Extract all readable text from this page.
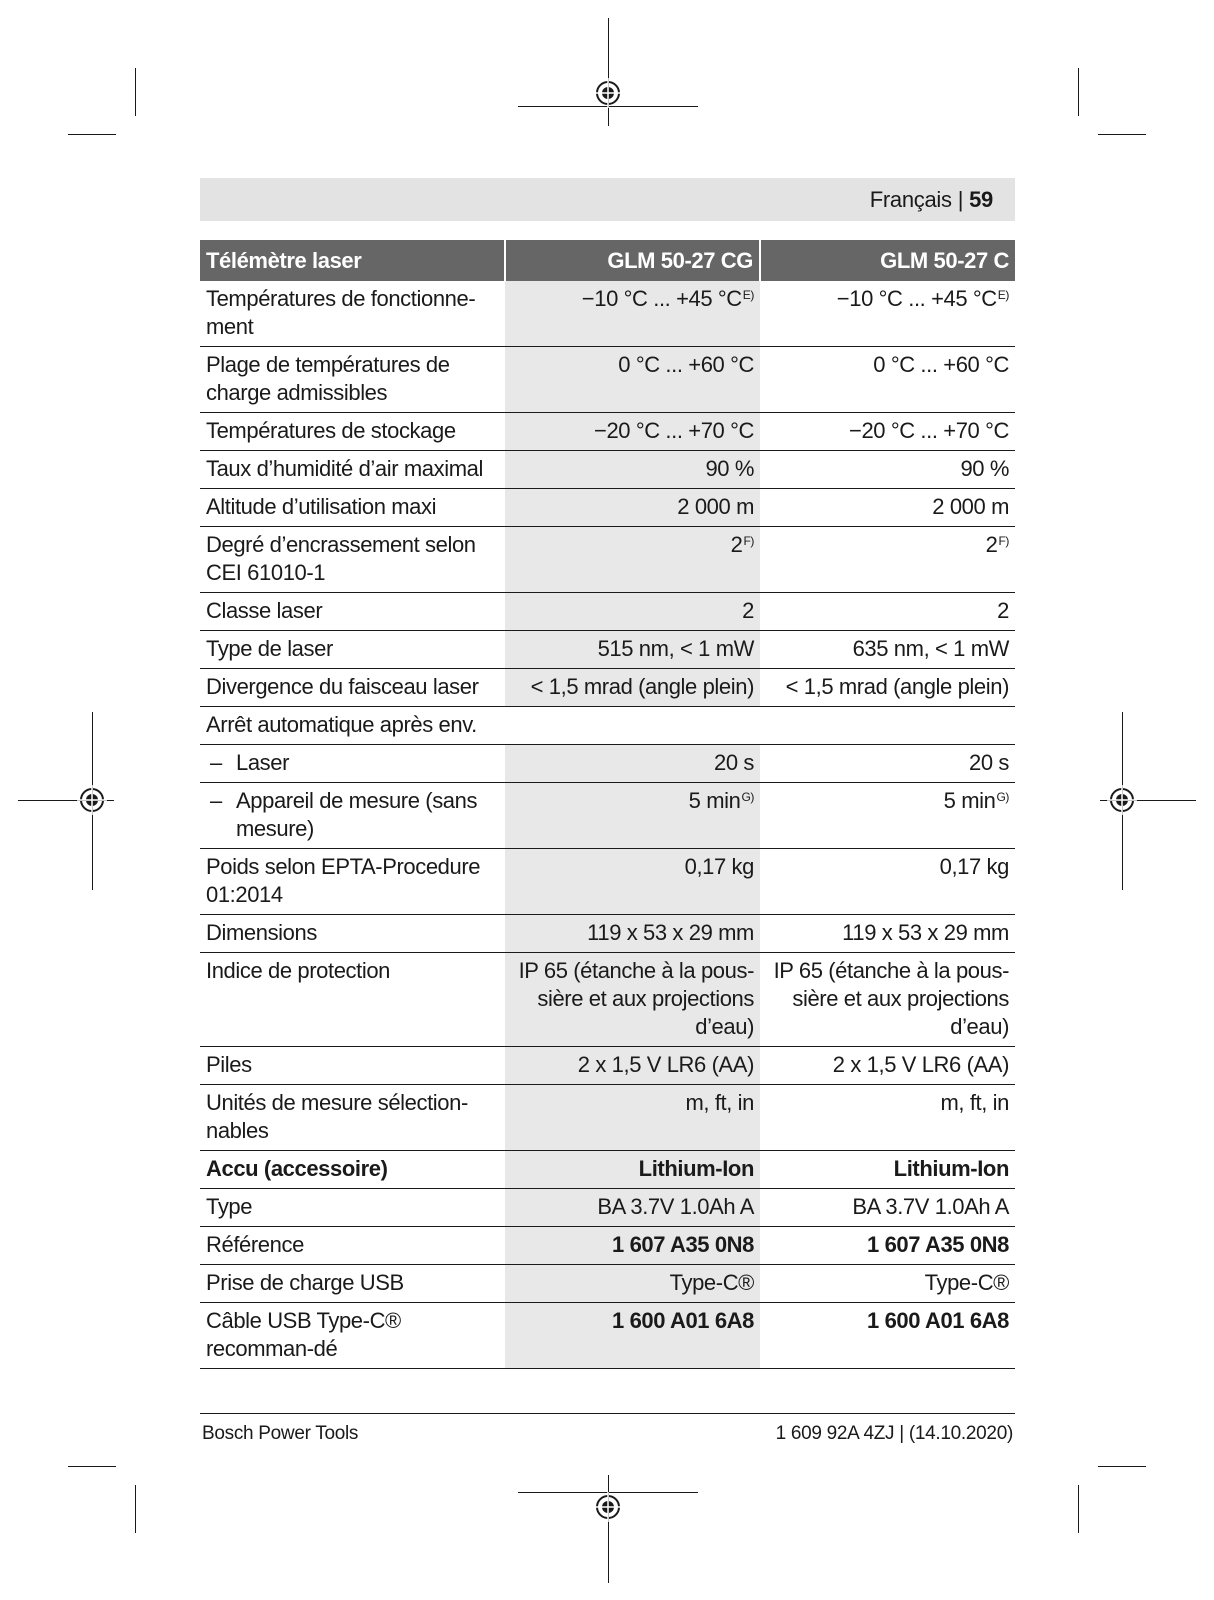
Français | 59
Télémètre laser	GLM 50-27 CG	GLM 50-27 C
Températures de fonctionne-ment	−10 °C ... +45 °C$^{E)}$	−10 °C ... +45 °C$^{E)}$
Plage de températures de charge admissibles	0 °C ... +60 °C	0 °C ... +60 °C
Températures de stockage	−20 °C ... +70 °C	−20 °C ... +70 °C
Taux d’humidité d’air maximal	90 %	90 %
Altitude d’utilisation maxi	2 000 m	2 000 m
Degré d’encrassement selon CEI 61010-1	2$^{F)}$	2$^{F)}$
Classe laser	2	2
Type de laser	515 nm, < 1 mW	635 nm, < 1 mW
Divergence du faisceau laser	< 1,5 mrad (angle plein)	< 1,5 mrad (angle plein)
Arrêt automatique après env.		

– Laser	20 s	20 s

– Appareil de mesure (sans mesure)	5 min$^{G)}$	5 min$^{G)}$
Poids selon EPTA-Procedure 01:2014	0,17 kg	0,17 kg
Dimensions	119 x 53 x 29 mm	119 x 53 x 29 mm
Indice de protection	IP 65 (étanche à la pous-sière et aux projections d’eau)	IP 65 (étanche à la pous-sière et aux projections d’eau)
Piles	2 x 1,5 V LR6 (AA)	2 x 1,5 V LR6 (AA)
Unités de mesure sélection-nables	m, ft, in	m, ft, in
Accu (accessoire)	Lithium-Ion	Lithium-Ion
Type	BA 3.7V 1.0Ah A	BA 3.7V 1.0Ah A
Référence	1 607 A35 0N8	1 607 A35 0N8
Prise de charge USB	Type-C®	Type-C®
Câble USB Type-C® recomman-dé	1 600 A01 6A8	1 600 A01 6A8
Bosch Power Tools	1 609 92A 4ZJ | (14.10.2020)
